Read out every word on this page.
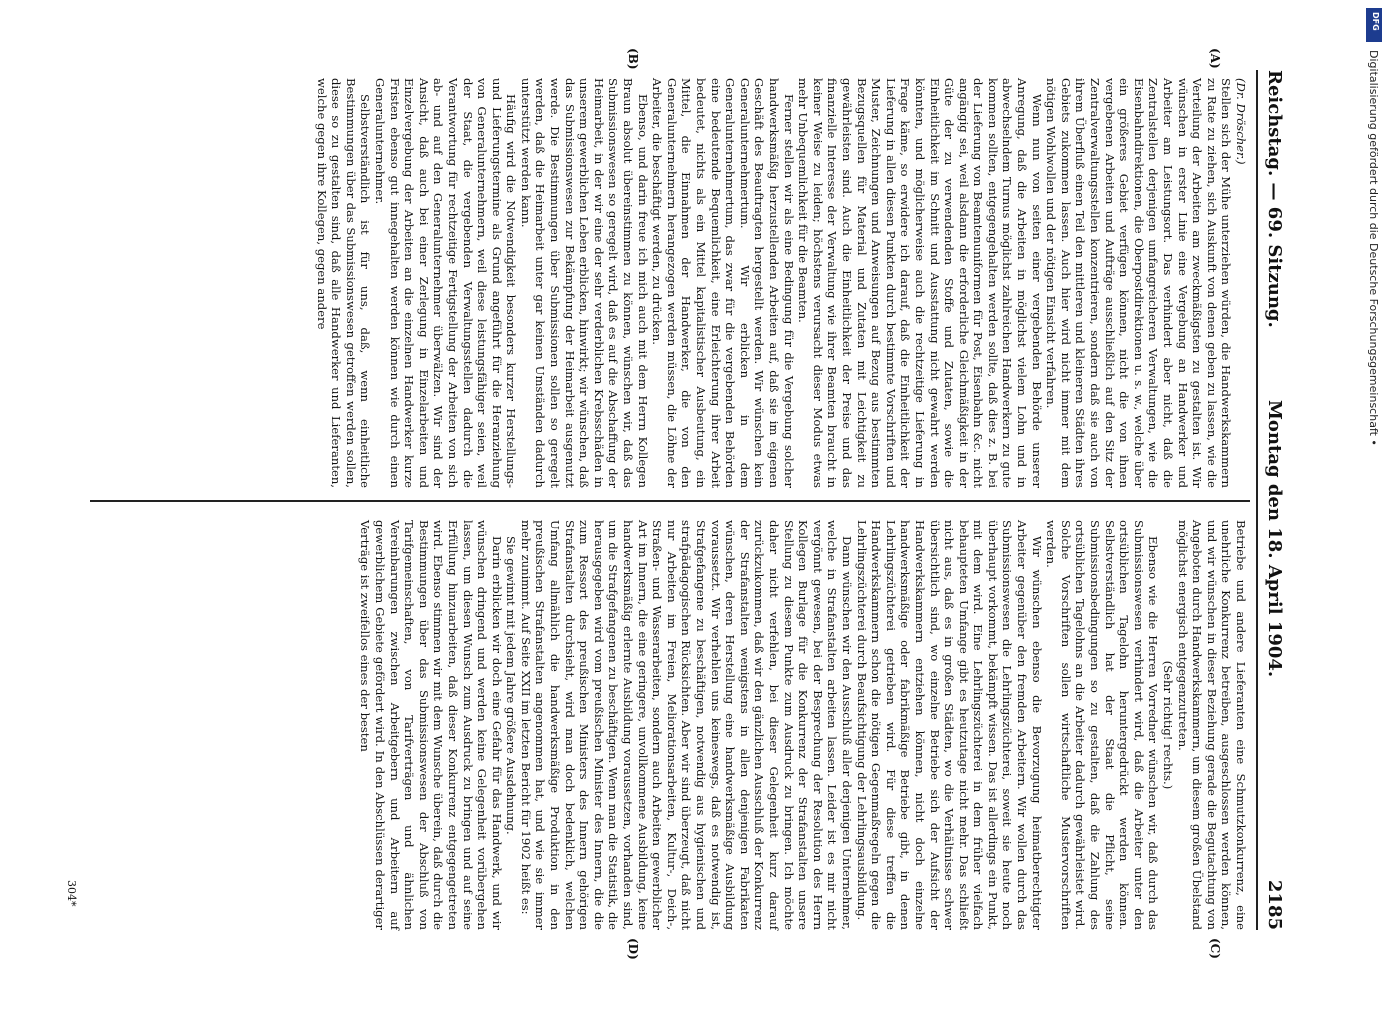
Reichstag. — 69. Sitzung.
Montag den 18. April 1904.
2185
(A)
(B)
(C)
(D)

(Dr. Dröscher.)

Stellen sich der Mühe unterziehen würden, die Handwerkskammern zu Rate zu ziehen, sich Auskunft von denen geben zu lassen, wie die Verteilung der Arbeiten am zweckmäßigsten zu gestalten ist. Wir wünschen in erster Linie eine Vergebung an Handwerker und Arbeiter am Leistungsort. Das verhindert aber nicht, daß die Zentralstellen derjenigen umfangreicheren Verwaltungen, wie die Eisenbahndirektionen, die Oberpostdirektionen u. s. w., welche über ein größeres Gebiet verfügen können, nicht die von ihnen vergebenen Arbeiten und Aufträge ausschließlich auf den Sitz der Zentralverwaltungsstellen konzentrieren, sondern daß sie auch von ihrem Überfluß einen Teil den mittleren und kleineren Städten ihres Gebiets zukommen lassen. Auch hier wird nicht immer mit dem nötigen Wohlwollen und der nötigen Einsicht verfahren.

Wenn nun von seiten einer vergebenden Behörde unserer Anregung, daß die Arbeiten in möglichst vielem Lohn und in abwechselndem Turnus möglichst zahlreichen Handwerkern zu gute kommen sollten, entgegengehalten werden sollte, daß dies z. B. bei der Lieferung von Beamtenuniformen für Post, Eisenbahn &c. nicht angängig sei, weil alsdann die erforderliche Gleichmäßigkeit in der Güte der zu verwendenden Stoffe und Zutaten, sowie die Einheitlichkeit im Schnitt und Ausstattung nicht gewahrt werden könnten, und möglicherweise auch die rechtzeitige Lieferung in Frage käme, so erwidere ich darauf, daß die Einheitlichkeit der Lieferung in allen diesen Punkten durch bestimmte Vorschriften und Muster, Zeichnungen und Anweisungen auf Bezug aus bestimmten Bezugsquellen für Material und Zutaten mit Leichtigkeit zu gewährleisten sind. Auch die Einheitlichkeit der Preise und das finanzielle Interesse der Verwaltung wie ihrer Beamten braucht in keiner Weise zu leiden; höchstens verursacht dieser Modus etwas mehr Unbequemlichkeit für die Beamten.

Ferner stellen wir als eine Bedingung für die Vergebung solcher handwerksmäßig herzustellenden Arbeiten auf, daß sie im eigenen Geschäft des Beauftragten hergestellt werden. Wir wünschen kein Generalunternehmertum. Wir erblicken in dem Generalunternehmertum, das zwar für die vergebenden Behörden eine bedeutende Bequemlichkeit, eine Erleichterung ihrer Arbeit bedeutet, nichts als ein Mittel kapitalistischer Ausbeutung, ein Mittel, die Einnahmen der Handwerker, die von den Generalunternehmern herangezogen werden müssen, die Löhne der Arbeiter, die beschäftigt werden, zu drücken.

Ebenso, und darin freue ich mich auch mit dem Herrn Kollegen Braun absolut übereinstimmen zu können, wünschen wir, daß das Submissionswesen so geregelt wird, daß es auf die Abschaffung der Heimarbeit, in der wir eine der sehr verderblichen Krebsschäden in unserem gewerblichen Leben erblicken, hinwirkt; wir wünschen, daß das Submissionswesen zur Bekämpfung der Heimarbeit ausgenutzt werde. Die Bestimmungen über Submissionen sollen so geregelt werden, daß die Heimarbeit unter gar keinen Umständen dadurch unterstützt werden kann.

Häufig wird die Notwendigkeit besonders kurzer Herstellungs- und Lieferungstermine als Grund angeführt für die Heranziehung von Generalunternehmern, weil diese leistungsfähiger seien, weil der Staat, die vergebenden Verwaltungsstellen dadurch die Verantwortung für rechtzeitige Fertigstellung der Arbeiten von sich ab- und auf den Generalunternehmer überwälzen. Wir sind der Ansicht, daß auch bei einer Zerlegung in Einzelarbeiten und Einzelvergebung der Arbeiten an die einzelnen Handwerker kurze Fristen ebenso gut innegehalten werden können wie durch einen Generalunternehmer.

Selbstverständlich ist für uns, daß, wenn einheitliche Bestimmungen über das Submissionswesen getroffen werden sollen, diese so zu gestalten sind, daß alle Handwerker und Lieferanten, welche gegen ihre Kollegen, gegen andere

Betriebe und andere Lieferanten eine Schmutzkonkurrenz, eine unehrliche Konkurrenz betreiben, ausgeschlossen werden können, und wir wünschen in dieser Beziehung gerade die Begutachtung von Angeboten durch Handwerkskammern, um diesem großen Übelstand möglichst energisch entgegenzutreten.

(Sehr richtig! rechts.)

Ebenso wie die Herren Vorredner wünschen wir, daß durch das Submissionswesen verhindert wird, daß die Arbeiter unter den ortsüblichen Tagelohn heruntergedrückt werden können. Selbstverständlich hat der Staat die Pflicht, seine Submissionsbedingungen so zu gestalten, daß die Zahlung des ortsüblichen Tagelohns an die Arbeiter dadurch gewährleistet wird. Solche Vorschriften sollen wirtschaftliche Mustervorschriften werden.

Wir wünschen ebenso die Bevorzugung heimatberechtigter Arbeiter gegenüber den fremden Arbeitern. Wir wollen durch das Submissionswesen die Lehrlingszüchterei, soweit sie heute noch überhaupt vorkommt, bekämpft wissen. Das ist allerdings ein Punkt, mit dem wird. Eine Lehrlingszüchterei in dem früher vielfach behaupteten Umfange gibt es heutzutage nicht mehr. Das schließt nicht aus, daß es in großen Städten, wo die Verhältnisse schwer übersichtlich sind, wo einzelne Betriebe sich der Aufsicht der Handwerkskammern entziehen können, nicht doch einzelne handwerksmäßige oder fabrikmäßige Betriebe gibt, in denen Lehrlingszüchterei getrieben wird. Für diese treffen die Handwerkskammern schon die nötigen Gegenmaßregeln gegen die Lehrlingszüchterei durch Beaufsichtigung der Lehrlingsausbildung.

Dann wünschen wir den Ausschluß aller derjenigen Unternehmer, welche in Strafanstalten arbeiten lassen. Leider ist es mir nicht vergönnt gewesen, bei der Besprechung der Resolution des Herrn Kollegen Burlage für die Konkurrenz der Strafanstalten unsere Stellung zu diesem Punkte zum Ausdruck zu bringen. Ich möchte daher nicht verfehlen, bei dieser Gelegenheit kurz darauf zurückzukommen, daß wir den gänzlichen Ausschluß der Konkurrenz der Strafanstalten wenigstens in allen denjenigen Fabrikaten wünschen, deren Herstellung eine handwerksmäßige Ausbildung voraussetzt. Wir verhehlen uns keineswegs, daß es notwendig ist, Strafgefangene zu beschäftigen, notwendig aus hygienischen und strafpädagogischen Rücksichten. Aber wir sind überzeugt, daß nicht nur Arbeiten im Freien, Meliorationsarbeiten, Kultur-, Deich-, Straßen- und Wasserarbeiten, sondern auch Arbeiten gewerblicher Art im Innern, die eine geringere, unvollkommene Ausbildung, keine handwerksmäßig erlernte Ausbildung voraussetzen, vorhanden sind, um die Strafgefangenen zu beschäftigen. Wenn man die Statistik, die herausgegeben wird vom preußischen Minister des Innern, die die zum Ressort des preußischen Ministers des Innern gehörigen Strafanstalten durchsieht, wird man doch bedenklich, welchen Umfang allmählich die handwerksmäßige Produktion in den preußischen Strafanstalten angenommen hat, und wie sie immer mehr zunimmt. Auf Seite XXII im letzten Bericht für 1902 heißt es:

Sie gewinnt mit jedem Jahre größere Ausdehnung.

Darin erblicken wir doch eine Gefahr für das Handwerk, und wir wünschen dringend und werden keine Gelegenheit vorübergehen lassen, um diesen Wunsch zum Ausdruck zu bringen und auf seine Erfüllung hinzuarbeiten, daß dieser Konkurrenz entgegengetreten wird. Ebenso stimmen wir mit dem Wunsche überein, daß durch die Bestimmungen über das Submissionswesen der Abschluß von Tarifgemeinschaften, von Tarifverträgen und ähnlichen Vereinbarungen zwischen Arbeitgebern und Arbeitern auf gewerblichem Gebiete gefördert wird. In den Abschlüssen derartiger Verträge ist zweifellos eines der besten

304*
DFG
Digitalisierung gefördert durch die Deutsche Forschungsgemeinschaft •
